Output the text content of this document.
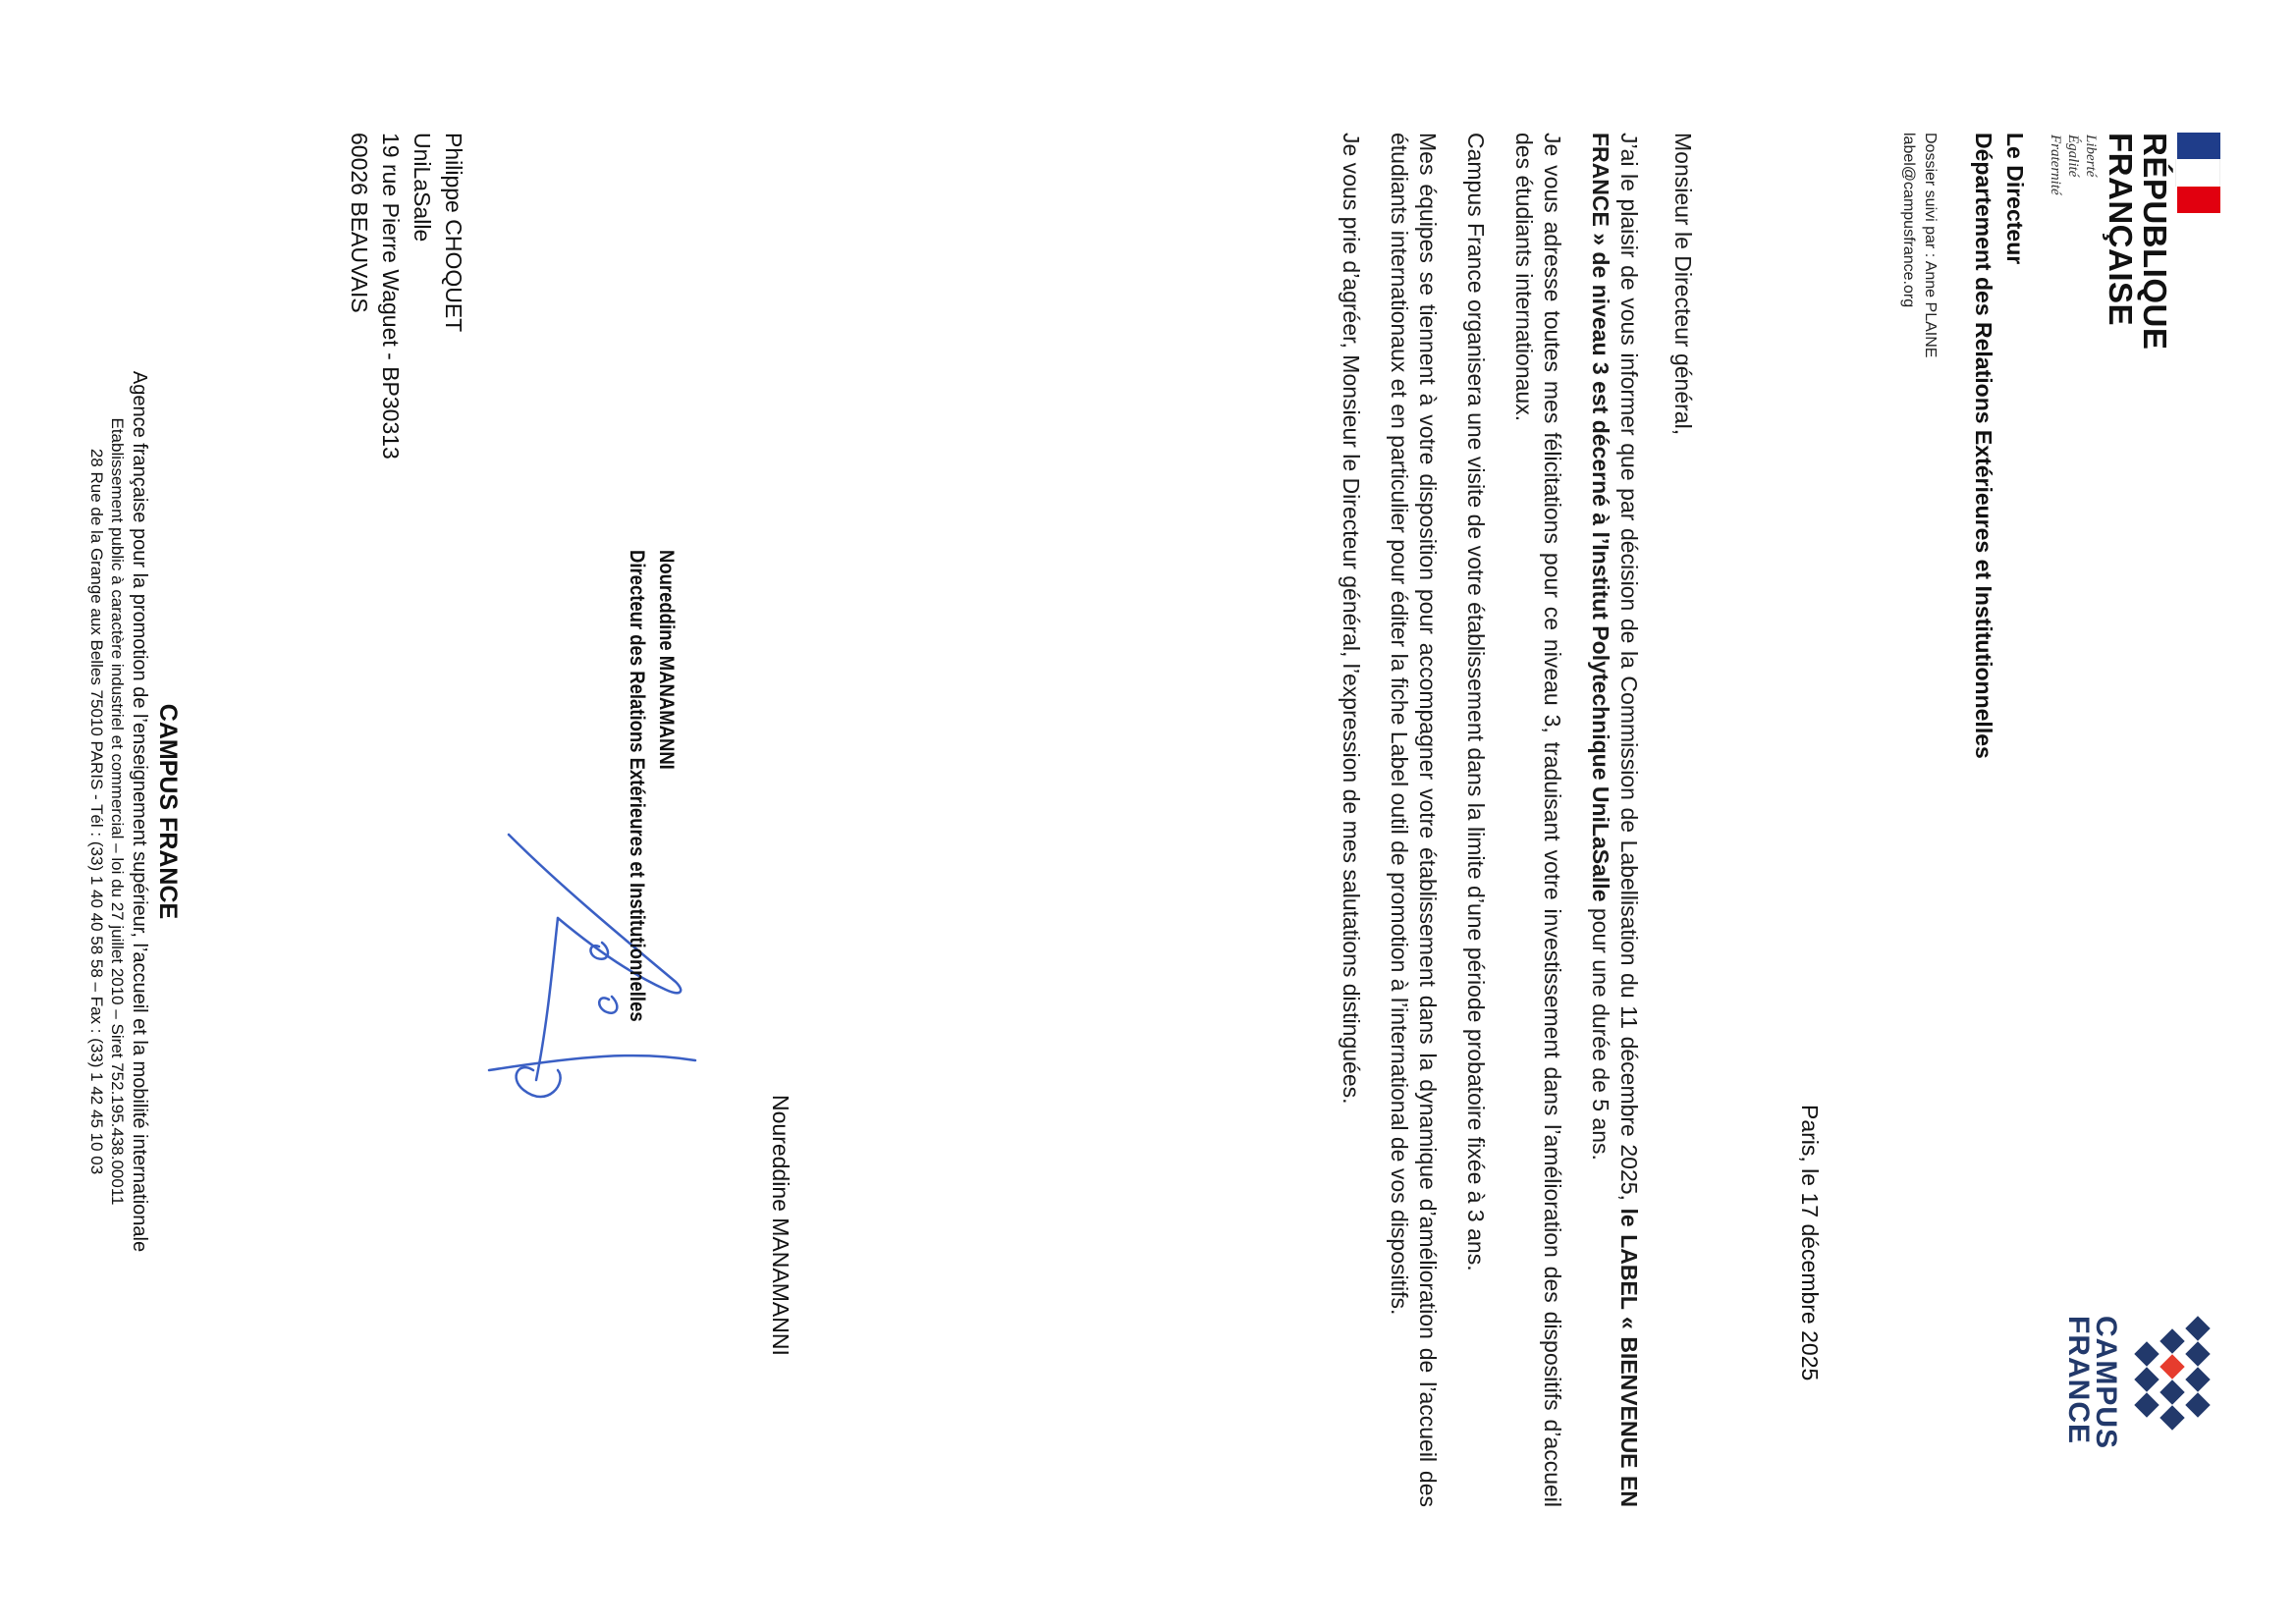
RÉPUBLIQUE
FRANÇAISE
Liberté
Égalité
Fraternité
CAMPUS
FRANCE
Le Directeur
Département des Relations Extérieures et Institutionnelles
Dossier suivi par : Anne PLAINE
label@campusfrance.org
Paris, le 17 décembre 2025

Monsieur le Directeur général,

J’ai le plaisir de vous informer que par décision de la Commission de Labellisation du 11 décembre 2025, le LABEL « BIENVENUE EN FRANCE » de niveau 3 est décerné à l’Institut Polytechnique UniLaSalle pour une durée de 5 ans.

Je vous adresse toutes mes félicitations pour ce niveau 3, traduisant votre investissement dans l’amélioration des dispositifs d’accueil des étudiants internationaux.

Campus France organisera une visite de votre établissement dans la limite d’une période probatoire fixée à 3 ans.

Mes équipes se tiennent à votre disposition pour accompagner votre établissement dans la dynamique d’amélioration de l’accueil des étudiants internationaux et en particulier pour éditer la fiche Label outil de promotion à l’international de vos dispositifs.

Je vous prie d’agréer, Monsieur le Directeur général, l’expression de mes salutations distinguées.

Noureddine MANAMANNI
Noureddine MANAMANNI
Directeur des Relations Extérieures et Institutionnelles
Philippe CHOQUET
UniLaSalle
19 rue Pierre Waguet - BP30313
60026 BEAUVAIS
CAMPUS FRANCE
Agence française pour la promotion de l’enseignement supérieur, l’accueil et la mobilité internationale
Etablissement public à caractère industriel et commercial – loi du 27 juillet 2010 – Siret 752.195.438.00011
28 Rue de la Grange aux Belles 75010 PARIS - Tél : (33) 1 40 40 58 58 – Fax : (33) 1 42 45 10 03
